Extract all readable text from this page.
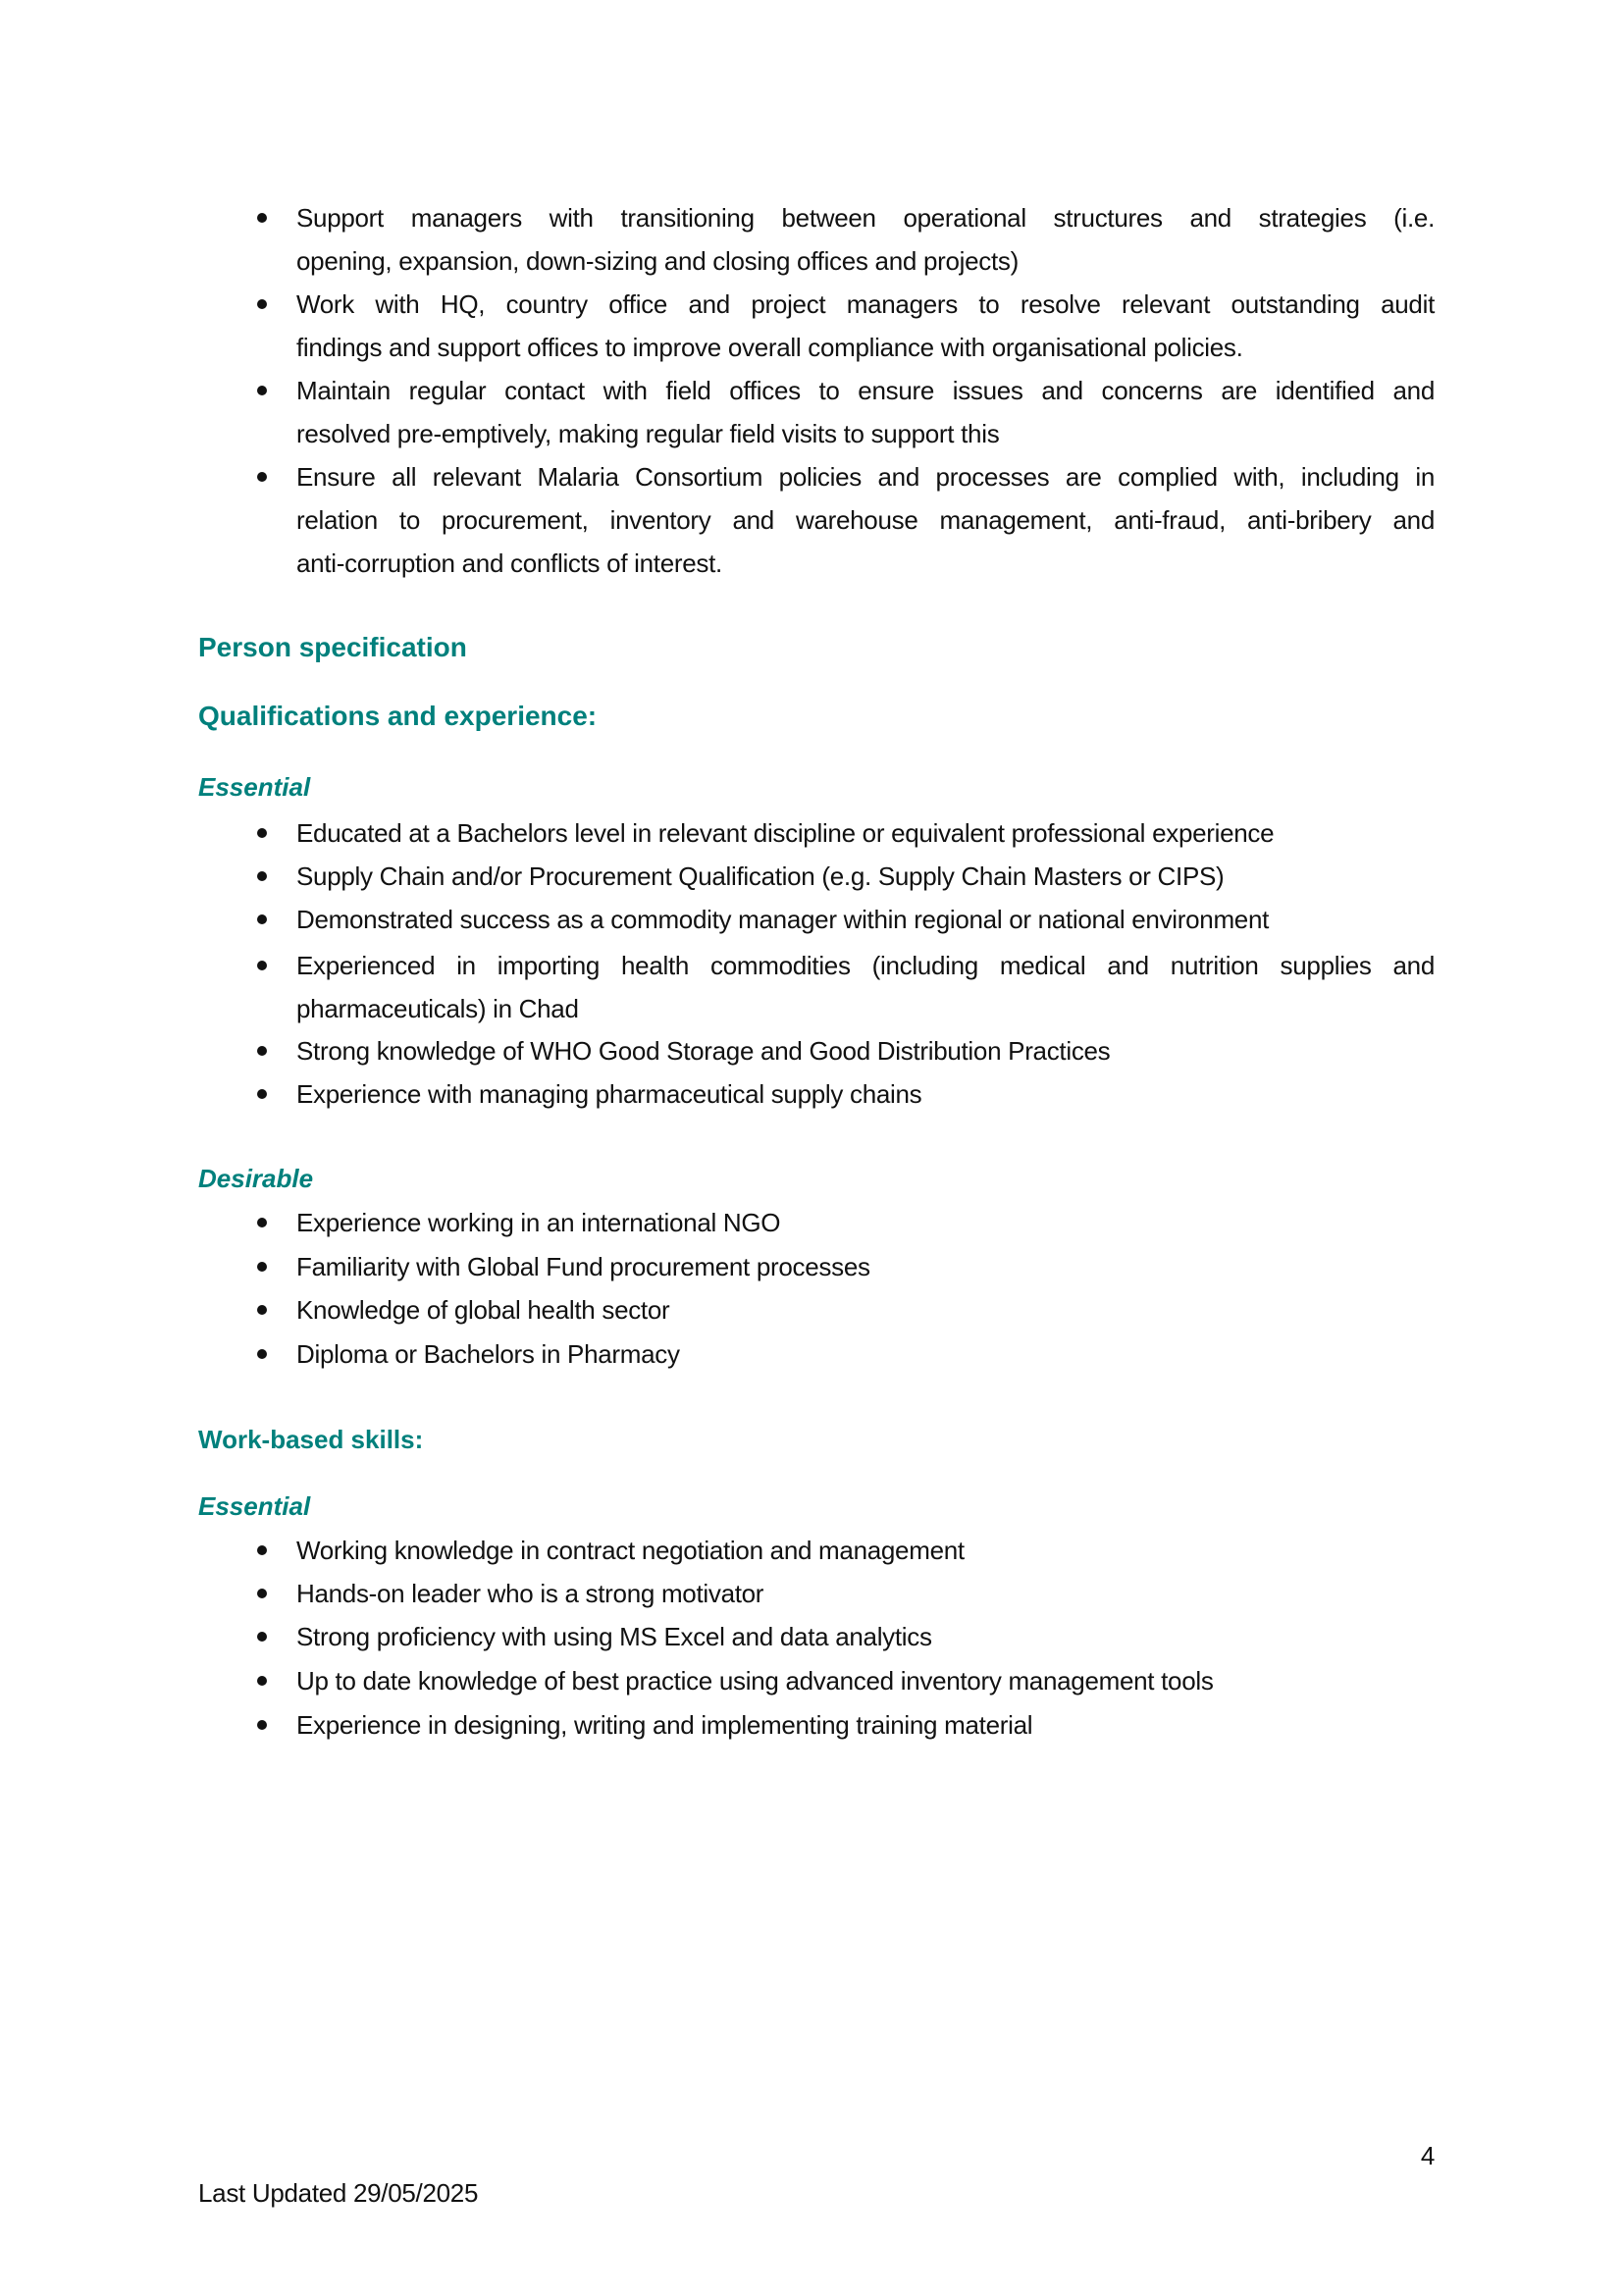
Support managers with transitioning between operational structures and strategies (i.e.
opening, expansion, down-sizing and closing offices and projects)
Work with HQ, country office and project managers to resolve relevant outstanding audit
findings and support offices to improve overall compliance with organisational policies.
Maintain regular contact with field offices to ensure issues and concerns are identified and
resolved pre-emptively, making regular field visits to support this
Ensure all relevant Malaria Consortium policies and processes are complied with, including in
relation to procurement, inventory and warehouse management, anti-fraud, anti-bribery and
anti-corruption and conflicts of interest.
Person specification
Qualifications and experience:
Essential
Educated at a Bachelors level in relevant discipline or equivalent professional experience
Supply Chain and/or Procurement Qualification (e.g. Supply Chain Masters or CIPS)
Demonstrated success as a commodity manager within regional or national environment
Experienced in importing health commodities (including medical and nutrition supplies and
pharmaceuticals) in Chad
Strong knowledge of WHO Good Storage and Good Distribution Practices
Experience with managing pharmaceutical supply chains
Desirable
Experience working in an international NGO
Familiarity with Global Fund procurement processes
Knowledge of global health sector
Diploma or Bachelors in Pharmacy
Work-based skills:
Essential
Working knowledge in contract negotiation and management
Hands-on leader who is a strong motivator
Strong proficiency with using MS Excel and data analytics
Up to date knowledge of best practice using advanced inventory management tools
Experience in designing, writing and implementing training material
4
Last Updated 29/05/2025
